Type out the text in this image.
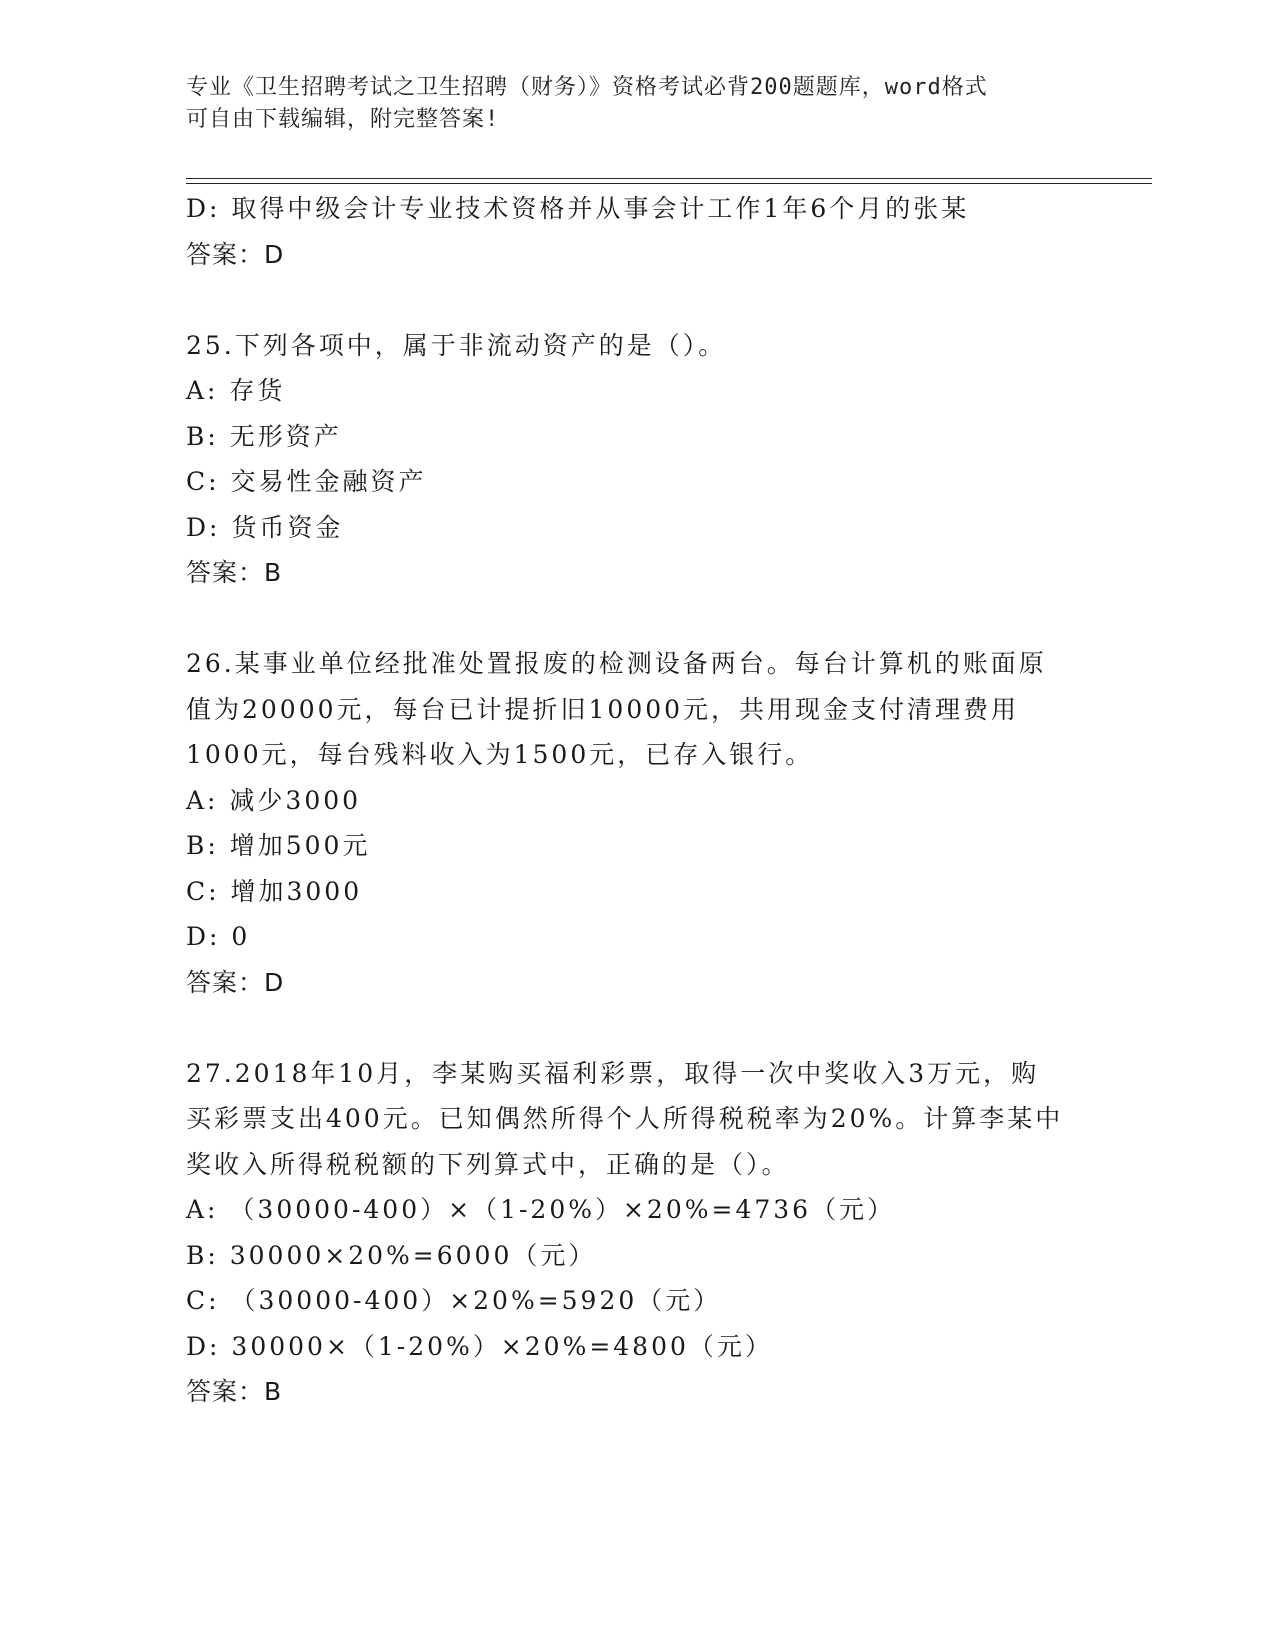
专业《卫生招聘考试之卫生招聘（财务）》资格考试必背200题题库，word格式
可自由下载编辑，附完整答案!
D: 取得中级会计专业技术资格并从事会计工作1年6个月的张某
答案：D
25.下列各项中，属于非流动资产的是（）。
A: 存货
B: 无形资产
C: 交易性金融资产
D: 货币资金
答案：B
26.某事业单位经批准处置报废的检测设备两台。每台计算机的账面原
值为20000元，每台已计提折旧10000元，共用现金支付清理费用
1000元，每台残料收入为1500元，已存入银行。
A: 减少3000
B: 增加500元
C: 增加3000
D: 0
答案：D
27.2018年10月，李某购买福利彩票，取得一次中奖收入3万元，购
买彩票支出400元。已知偶然所得个人所得税税率为20%。计算李某中
奖收入所得税税额的下列算式中，正确的是（）。
A: （30000-400）×（1-20%）×20%=4736（元）
B: 30000×20%=6000（元）
C: （30000-400）×20%=5920（元）
D: 30000×（1-20%）×20%=4800（元）
答案：B
